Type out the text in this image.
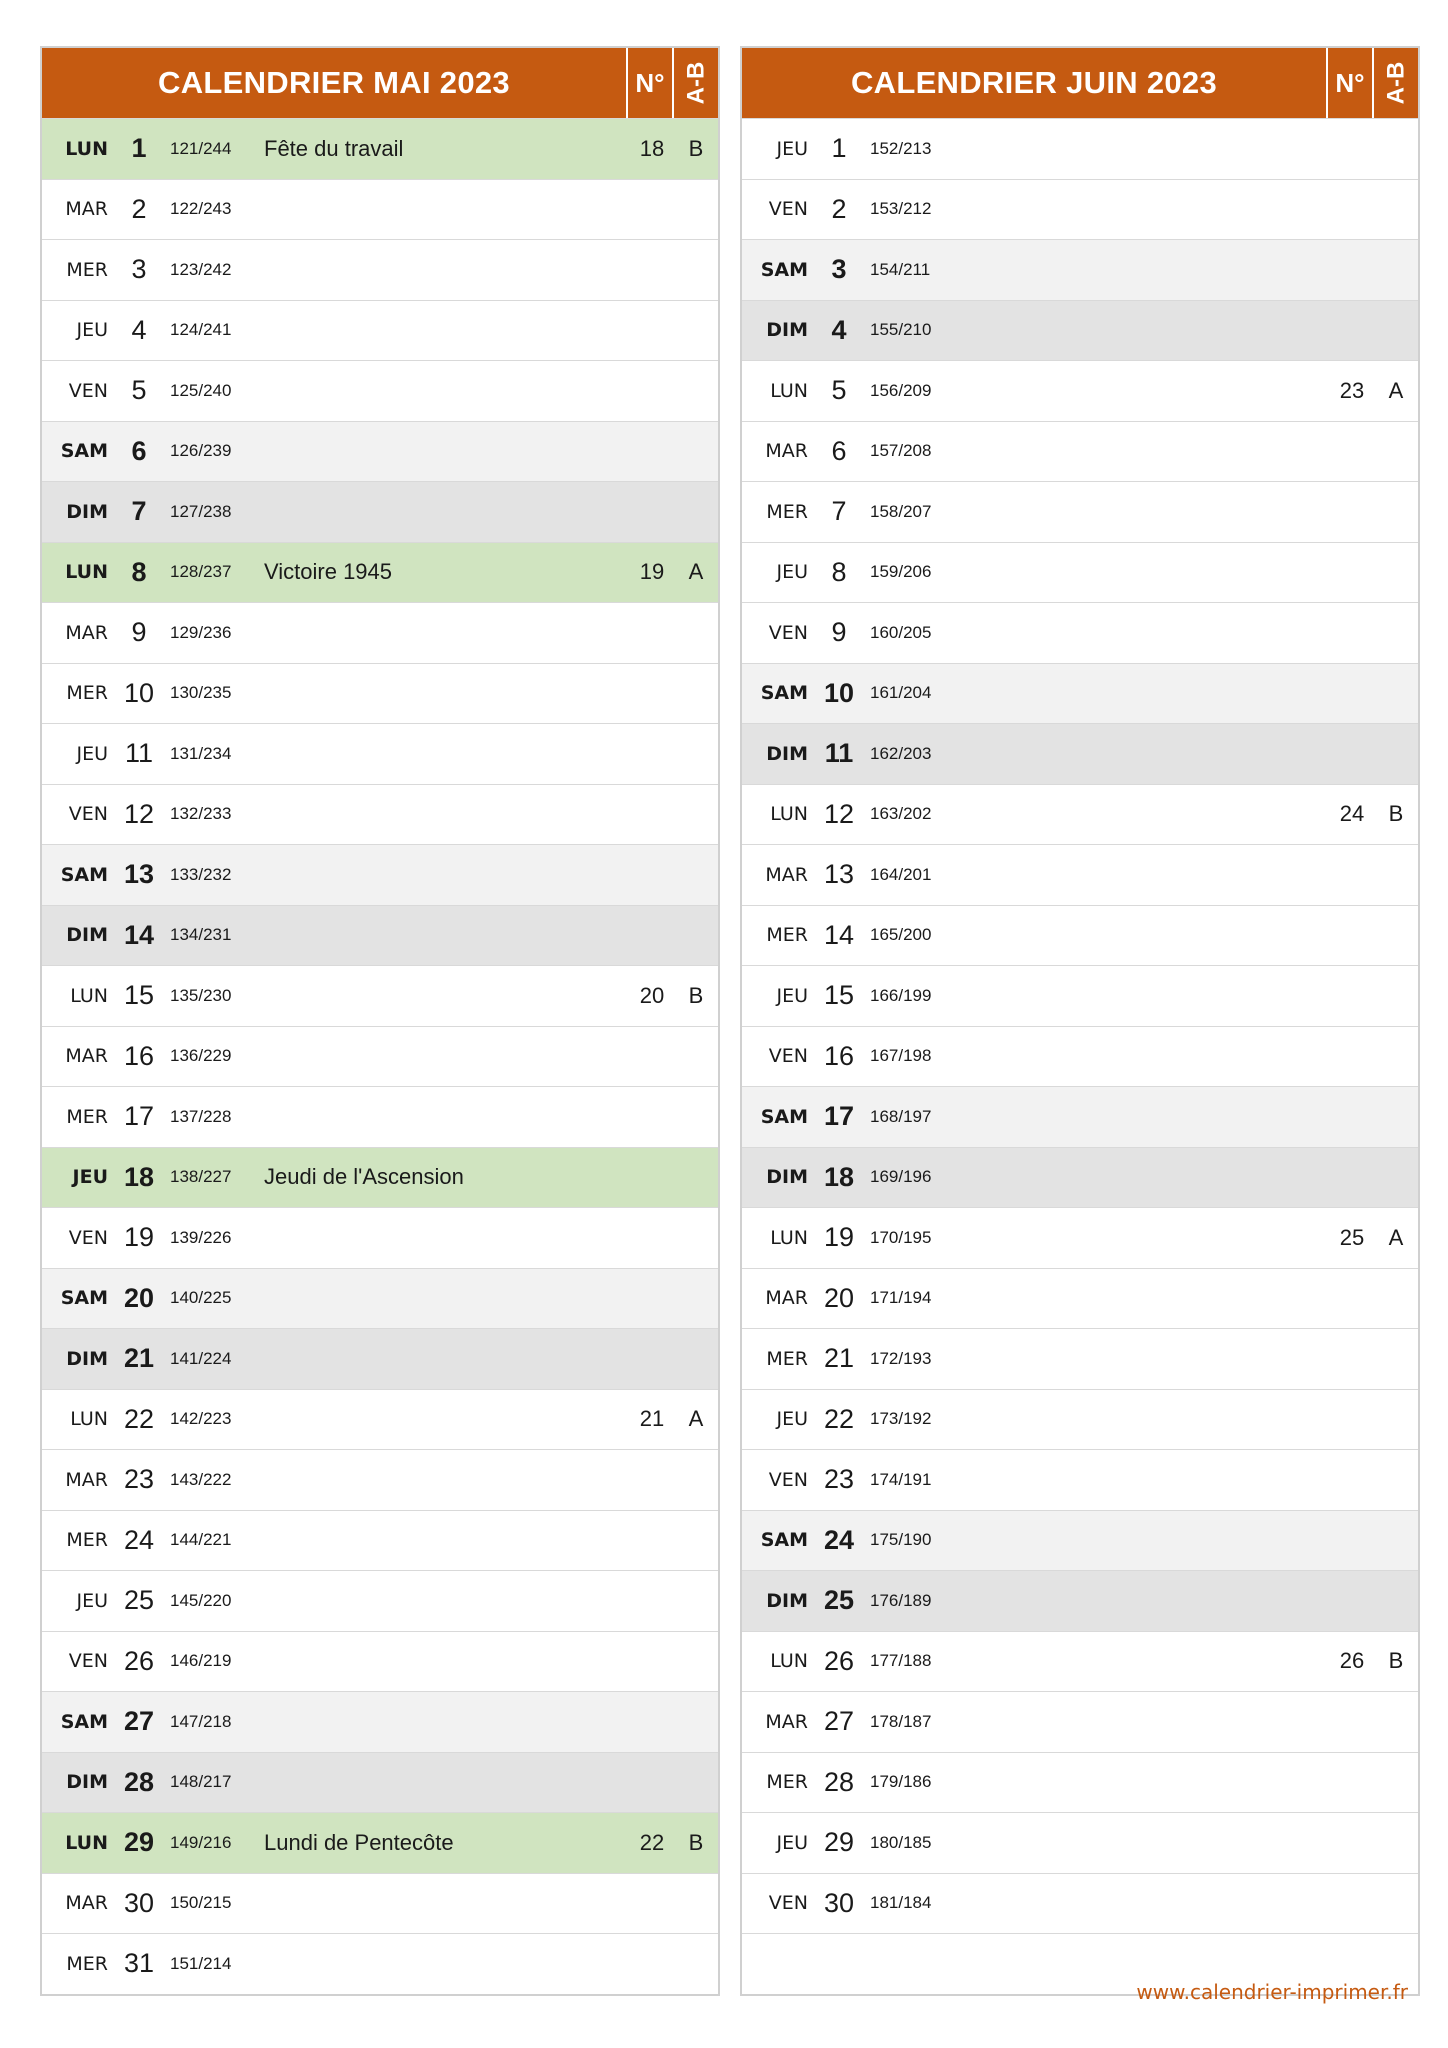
CALENDRIER MAI 2023	N° A-B
LUN 1	121/244	Fête du travail	18	B
MAR 2	122/243
MER 3	123/242
JEU 4	124/241
VEN 5	125/240
SAM 6	126/239
DIM 7	127/238
LUN 8	128/237	Victoire 1945	19	A
MAR 9	129/236
MER 10 130/235
JEU 11 131/234
VEN 12 132/233
SAM 13 133/232
DIM 14 134/231
LUN 15 135/230	20	B
MAR 16 136/229
MER 17 137/228
JEU 18 138/227	Jeudi de l'Ascension
VEN 19 139/226
SAM 20 140/225
DIM 21 141/224
LUN 22 142/223	21	A
MAR 23 143/222
MER 24 144/221
JEU 25 145/220
VEN 26 146/219
SAM 27 147/218
DIM 28 148/217
LUN 29 149/216	Lundi de Pentecôte	22	B
MAR 30 150/215
MER 31 151/214
CALENDRIER JUIN 2023	N° A-B
JEU 1	152/213
VEN 2	153/212
SAM 3	154/211
DIM 4	155/210
LUN 5	156/209	23	A
MAR 6	157/208
MER 7	158/207
JEU 8	159/206
VEN 9	160/205
SAM 10 161/204
DIM 11 162/203
LUN 12 163/202	24	B
MAR 13 164/201
MER 14 165/200
JEU 15 166/199
VEN 16 167/198
SAM 17 168/197
DIM 18 169/196
LUN 19 170/195	25	A
MAR 20 171/194
MER 21 172/193
JEU 22 173/192
VEN 23 174/191
SAM 24 175/190
DIM 25 176/189
LUN 26 177/188	26	B
MAR 27 178/187
MER 28 179/186
JEU 29 180/185
VEN 30 181/184
www.calendrier-imprimer.fr
